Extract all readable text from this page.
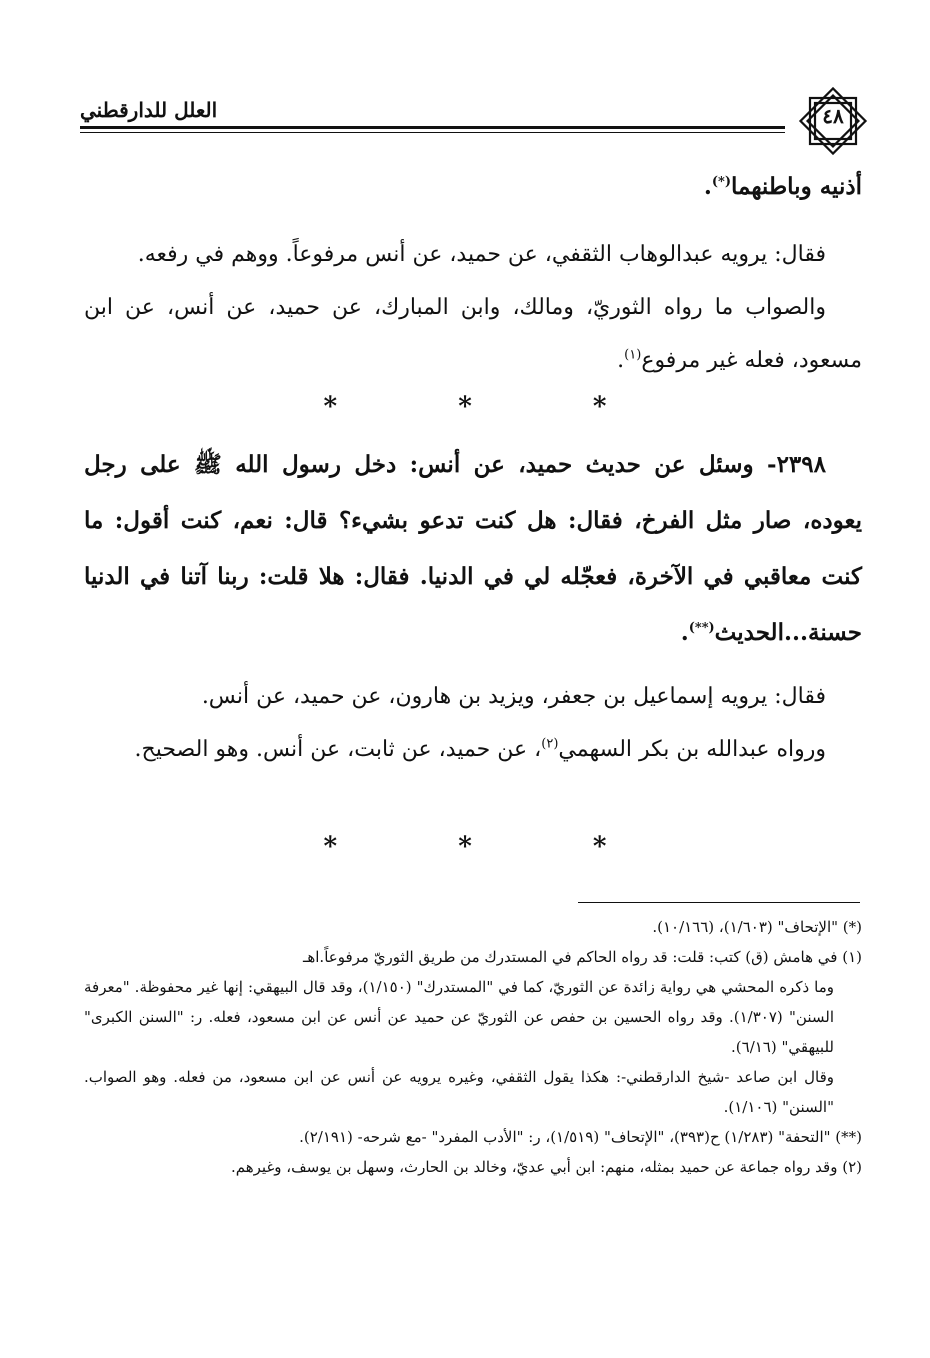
العلل للدارقطني	٤٨
أذنيه وباطنهما(*).
فقال: يرويه عبدالوهاب الثقفي، عن حميد، عن أنس مرفوعاً. ووهم في رفعه.
والصواب ما رواه الثوريّ، ومالك، وابن المبارك، عن حميد، عن أنس، عن ابن مسعود، فعله غير مرفوع$^{(١)}$.
* * *
٢٣٩٨- وسئل عن حديث حميد، عن أنس: دخل رسول الله ﷺ على رجل يعوده، صار مثل الفرخ، فقال: هل كنت تدعو بشيء؟ قال: نعم، كنت أقول: ما كنت معاقبي في الآخرة، فعجّله لي في الدنيا. فقال: هلا قلت: ربنا آتنا في الدنيا حسنة...الحديث(**).
فقال: يرويه إسماعيل بن جعفر، ويزيد بن هارون، عن حميد، عن أنس.
ورواه عبدالله بن بكر السهمي$^{(٢)}$، عن حميد، عن ثابت، عن أنس. وهو الصحيح.
* * *

(*) "الإتحاف" (١/٦٠٣)، (١٠/١٦٦).

(١) في هامش (ق) كتب: قلت: قد رواه الحاكم في المستدرك من طريق الثوريّ مرفوعاً.اهـ

وما ذكره المحشي هي رواية زائدة عن الثوريّ، كما في "المستدرك" (١/١٥٠)، وقد قال البيهقي: إنها غير محفوظة. "معرفة السنن" (١/٣٠٧). وقد رواه الحسين بن حفص عن الثوريّ عن حميد عن أنس عن ابن مسعود، فعله. ر: "السنن الكبرى" للبيهقي" (٦/١٦).

وقال ابن صاعد -شيخ الدارقطني-: هكذا يقول الثقفي، وغيره يرويه عن أنس عن ابن مسعود، من فعله. وهو الصواب. "السنن" (١/١٠٦).

(**) "التحفة" (١/٢٨٣) ح(٣٩٣)، "الإتحاف" (١/٥١٩)، ر: "الأدب المفرد" -مع شرحه- (٢/١٩١).

(٢) وقد رواه جماعة عن حميد بمثله، منهم: ابن أبي عديّ، وخالد بن الحارث، وسهل بن يوسف، وغيرهم.
